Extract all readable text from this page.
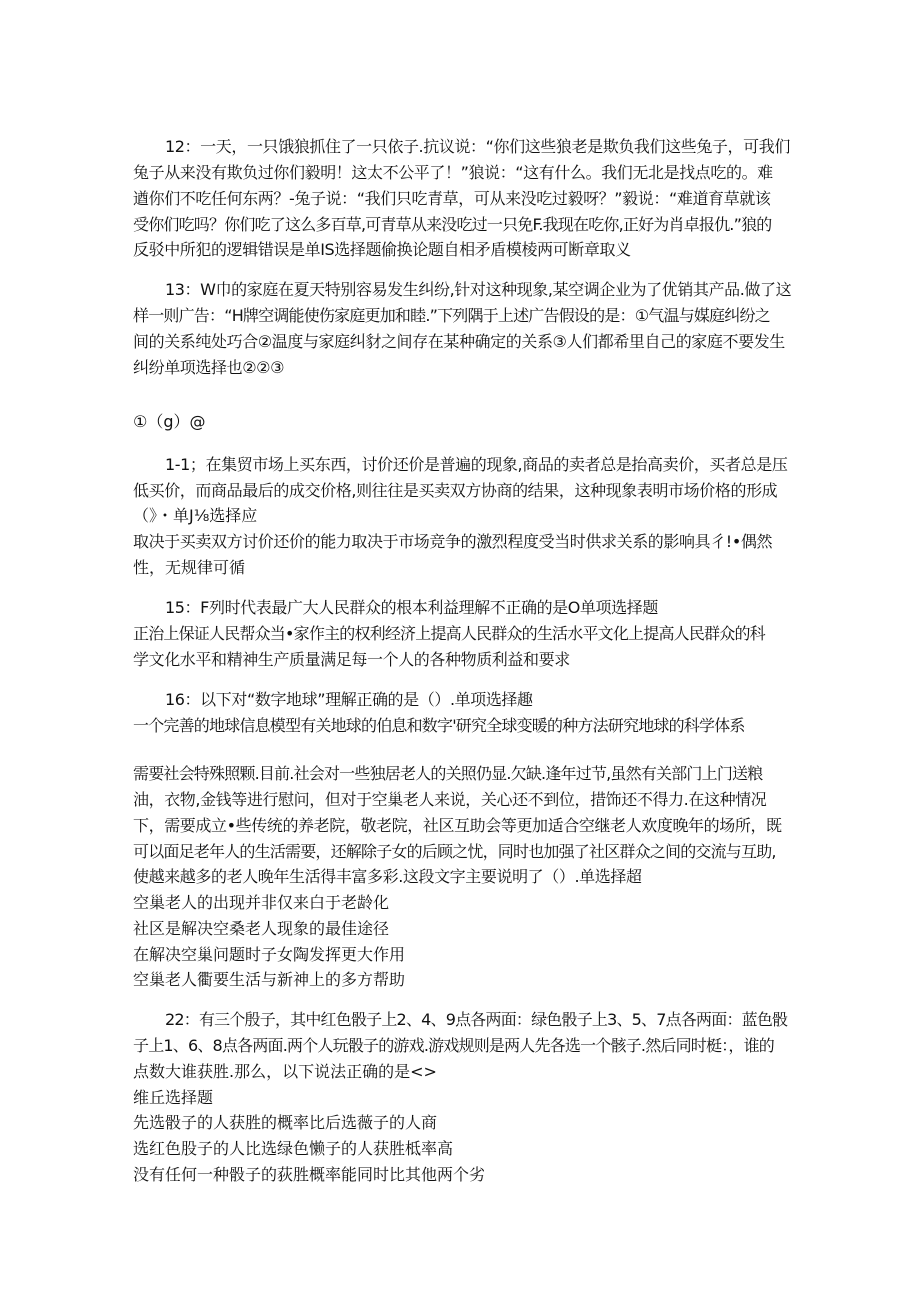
12：一天，一只饿狼抓住了一只依子.抗议说：“你们这些狼老是欺负我们这些兔子，可我们
兔子从来没有欺负过你们毅明！这太不公平了！”狼说：“这有什么。我们无北是找点吃的。难
遒你们不吃任何东两？-兔子说：“我们只吃青草，可从来没吃过毅呀？”毅说：“难道育草就该
受你们吃吗？你们吃了这么多百草,可青草从来没吃过一只免F.我现在吃你,正好为肖卓报仇.”狼的
反驳中所犯的逻辑错误是单IS选择题偷换论题自相矛盾模棱两可断章取义
13：W巾的家庭在夏天特别容易发生纠纷,针对这种现象,某空调企业为了优销其产品.做了这
样一则广告：“H牌空调能使伤家庭更加和睦.”下列隅于上述广告假设的是：①气温与媒庭纠纷之
间的关系纯处巧合②温度与家庭纠豺之间存在某种确定的关系③人们都希里自己的家庭不要发生
纠纷单项选择也②②③
①（g）@
1-1；在集贸市场上买东西，讨价还价是普遍的现象,商品的卖者总是抬高卖价，买者总是压
低买价，而商品最后的成交价格,则往往是买卖双方协商的结果，这种现象表明市场价格的形成
（》・单J⅛选择应
取决于买卖双方讨价还价的能力取决于市场竞争的激烈程度受当时供求关系的影响具彳!•偶然
性，无规律可循
15：F列时代表最广大人民群众的根本利益理解不正确的是O单项选择题
正治上保证人民帮众当•家作主的权利经济上提高人民群众的生活水平文化上提高人民群众的科
学文化水平和精神生产质量满足每一个人的各种物质利益和要求
16：以下对“数字地球”理解正确的是（）.单项选择趣
一个完善的地球信息模型有关地球的伯息和数字'研究全球变暖的种方法研究地球的科学体系
需要社会特殊照颗.目前.社会对一些独居老人的关照仍显.欠缺.逢年过节,虽然有关部门上门送粮
油，衣物,金钱等进行慰问，但对于空巢老人来说，关心还不到位，措饰还不得力.在这种情况
下，需要成立•些传统的养老院，敬老院，社区互助会等更加适合空继老人欢度晚年的场所，既
可以面足老年人的生活需要，还解除子女的后顾之忧，同时也加强了社区群众之间的交流与互助,
使越来越多的老人晚年生活得丰富多彩.这段文字主要说明了（）.单选择超
空巢老人的出现并非仅来白于老龄化
社区是解决空桑老人现象的最佳途径
在解决空巢问题时子女陶发挥更大作用
空巢老人衢要生活与新神上的多方帮助
22：有三个殷子，其中红色骰子上2、4、9点各两面：绿色骰子上3、5、7点各两面：蓝色骰
子上1、6、8点各两面.两个人玩骰子的游戏.游戏规则是两人先各选一个骸子.然后同时梃：，谁的
点数大谁获胜.那么，以下说法正确的是<>
维丘选择题
先选骰子的人获胜的概率比后选薇子的人商
选红色股子的人比选绿色懒子的人获胜柢率高
没有任何一种骰子的荻胜概率能同时比其他两个劣
